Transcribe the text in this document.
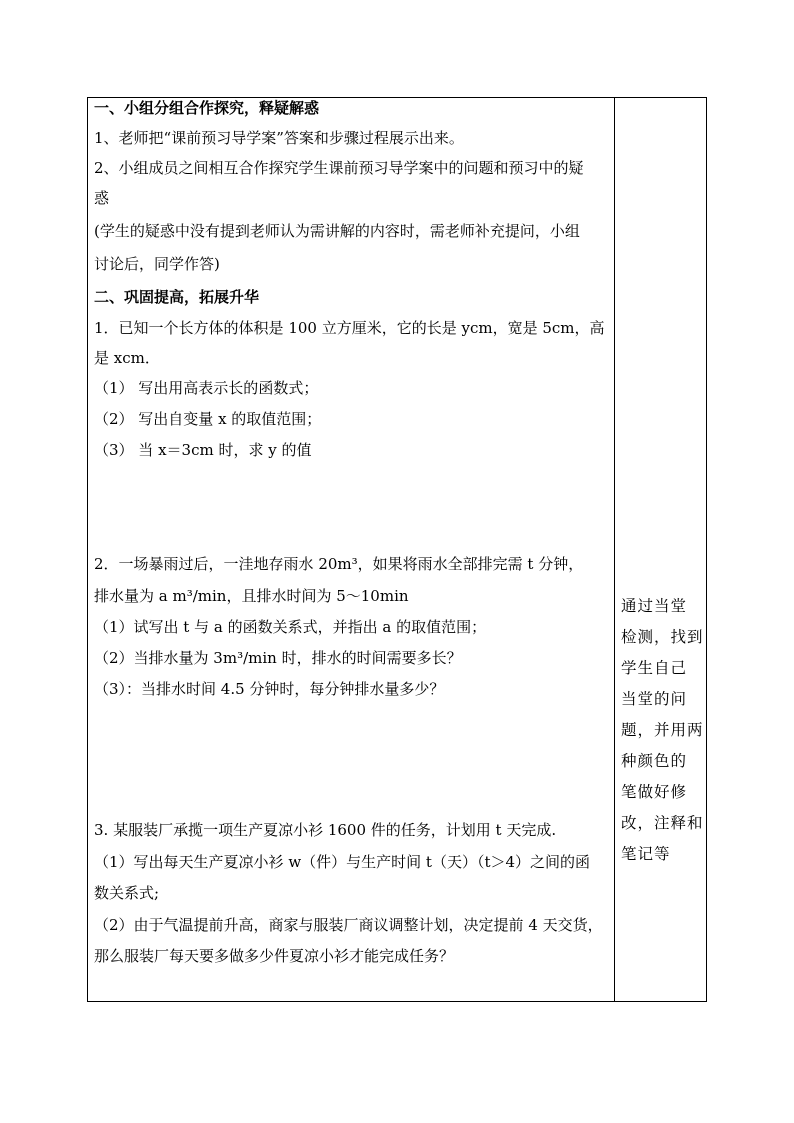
一、小组分组合作探究，释疑解惑
1、老师把“课前预习导学案”答案和步骤过程展示出来。
2、小组成员之间相互合作探究学生课前预习导学案中的问题和预习中的疑
惑
(学生的疑惑中没有提到老师认为需讲解的内容时，需老师补充提问，小组
讨论后，同学作答)
二、巩固提高，拓展升华
1．已知一个长方体的体积是 100 立方厘米，它的长是 ycm，宽是 5cm，高
是 xcm．
（1） 写出用高表示长的函数式；
（2） 写出自变量 x 的取值范围；
（3） 当 x＝3cm 时，求 y 的值
2．一场暴雨过后，一洼地存雨水 20m³，如果将雨水全部排完需 t 分钟，
排水量为 a m³/min，且排水时间为 5～10min
（1）试写出 t 与 a 的函数关系式，并指出 a 的取值范围；
（2）当排水量为 3m³/min 时，排水的时间需要多长？
（3）：当排水时间 4.5 分钟时，每分钟排水量多少？
3. 某服装厂承揽一项生产夏凉小衫 1600 件的任务，计划用 t 天完成.
（1）写出每天生产夏凉小衫 w（件）与生产时间 t（天）（t＞4）之间的函
数关系式;
（2）由于气温提前升高，商家与服装厂商议调整计划，决定提前 4 天交货，
那么服装厂每天要多做多少件夏凉小衫才能完成任务？
通过当堂
检测，找到
学生自己
当堂的问
题，并用两
种颜色的
笔做好修
改，注释和
笔记等
